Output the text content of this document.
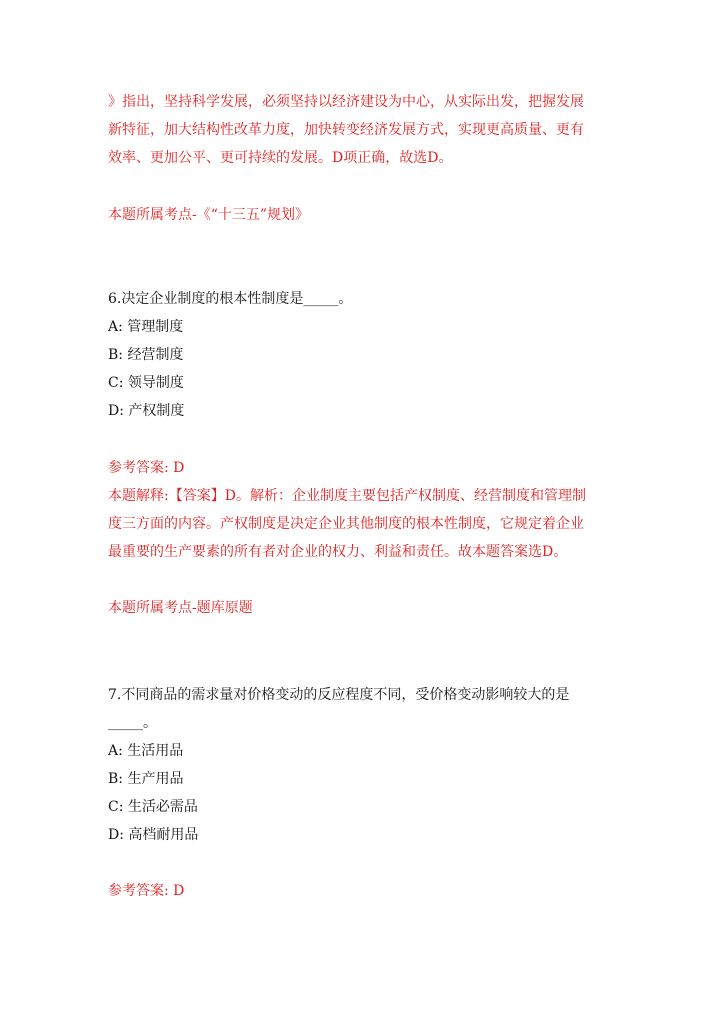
》指出，坚持科学发展，必须坚持以经济建设为中心，从实际出发，把握发展
新特征，加大结构性改革力度，加快转变经济发展方式，实现更高质量、更有
效率、更加公平、更可持续的发展。D项正确，故选D。
本题所属考点-《“十三五”规划》
6.决定企业制度的根本性制度是_____。
A: 管理制度
B: 经营制度
C: 领导制度
D: 产权制度
参考答案: D
本题解释:【答案】D。解析：企业制度主要包括产权制度、经营制度和管理制
度三方面的内容。产权制度是决定企业其他制度的根本性制度，它规定着企业
最重要的生产要素的所有者对企业的权力、利益和责任。故本题答案选D。
本题所属考点-题库原题
7.不同商品的需求量对价格变动的反应程度不同，受价格变动影响较大的是
_____。
A: 生活用品
B: 生产用品
C: 生活必需品
D: 高档耐用品
参考答案: D
